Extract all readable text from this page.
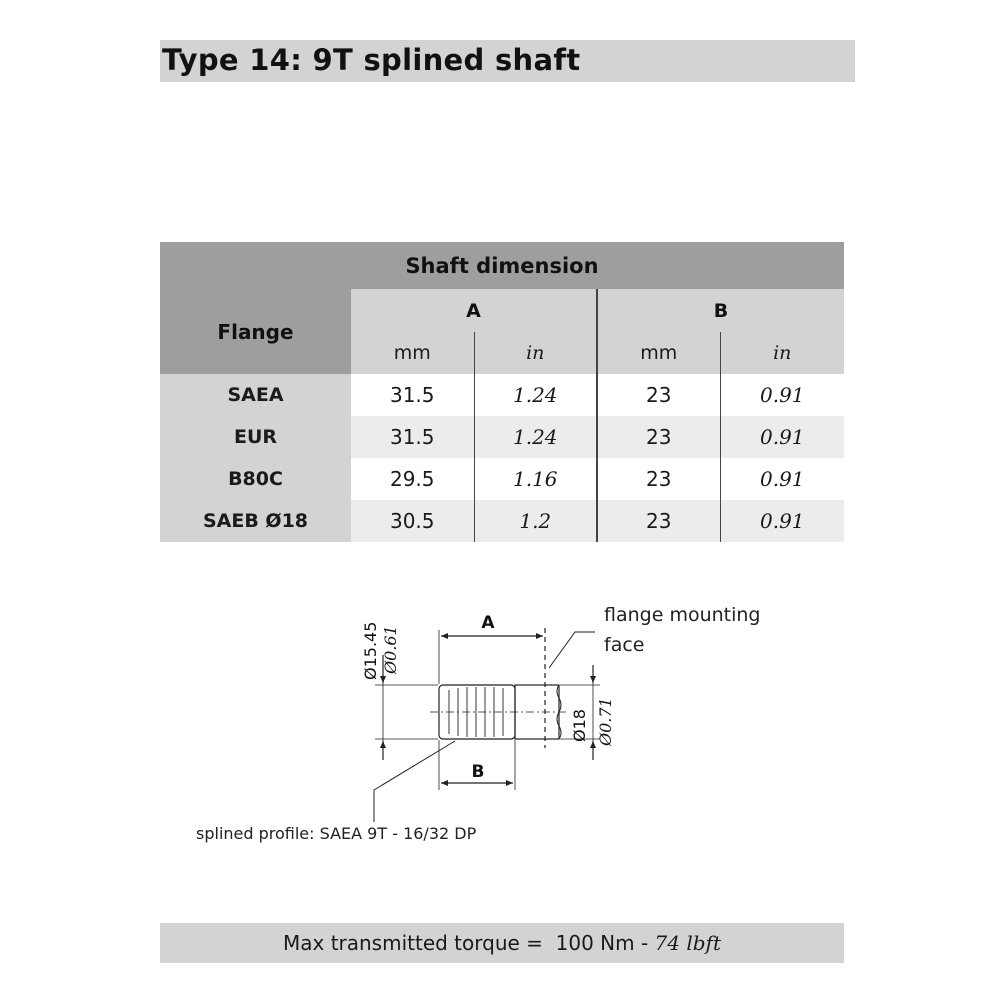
Type 14: 9T splined shaft
Shaft dimension				
Flange	A		B	
	mm	in	mm	in
SAEA	31.5	1.24	23	0.91
EUR	31.5	1.24	23	0.91
B80C	29.5	1.16	23	0.91
SAEB Ø18	30.5	1.2	23	0.91
A
B
Ø15.45 Ø0.61
Ø18 Ø0.71
flange mounting
face
splined profile: SAEA 9T - 16/32 DP
Max transmitted torque =  100 Nm - 74 lbft
